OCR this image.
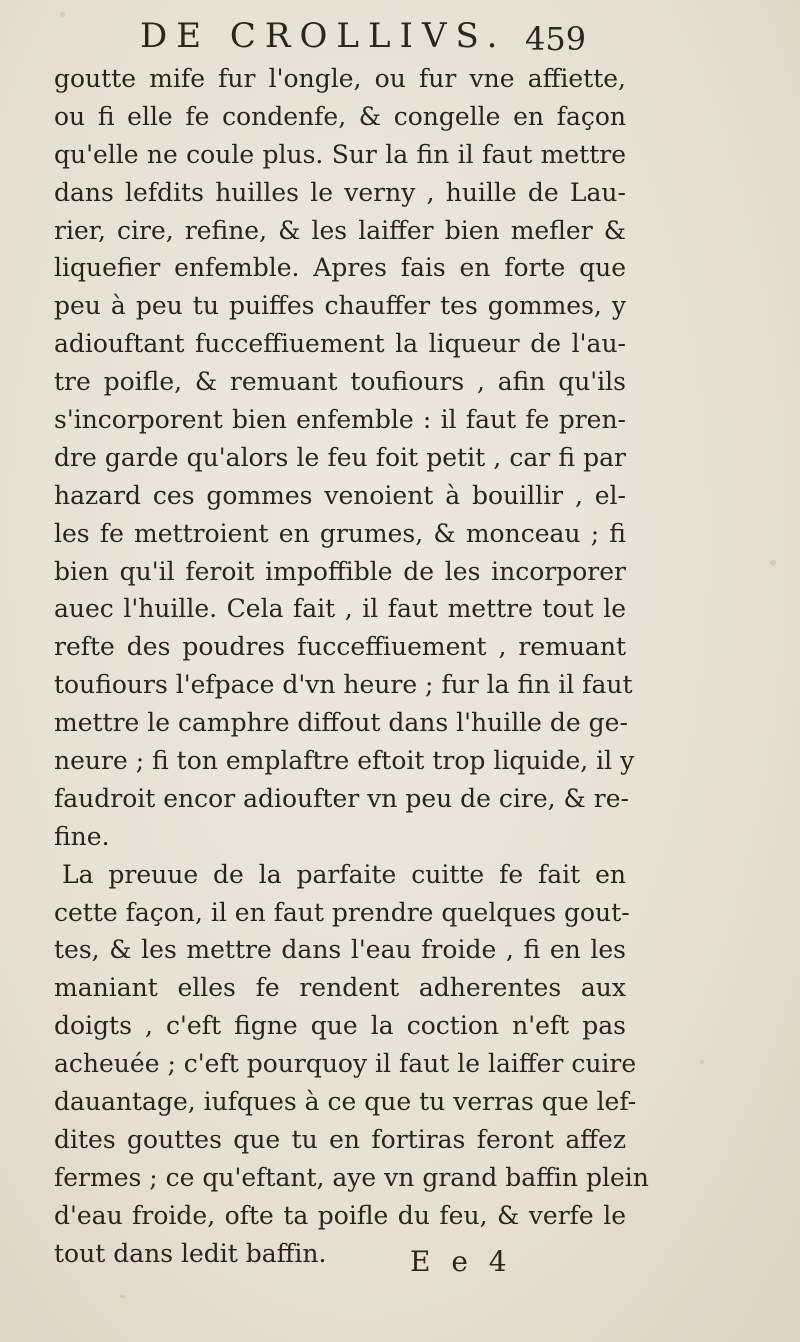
DE CROLLIVS. 459
goutte mife fur l'ongle, ou fur vne affiette,
ou fi elle fe condenfe, & congelle en façon
qu'elle ne coule plus. Sur la fin il faut mettre
dans lefdits huilles le verny , huille de Lau-
rier, cire, refine, & les laiffer bien mefler &
liquefier enfemble. Apres fais en forte que
peu à peu tu puiffes chauffer tes gommes, y
adiouftant fucceffiuement la liqueur de l'au-
tre poifle, & remuant toufiours , afin qu'ils
s'incorporent bien enfemble : il faut fe pren-
dre garde qu'alors le feu foit petit , car fi par
hazard ces gommes venoient à bouillir , el-
les fe mettroient en grumes, & monceau ; fi
bien qu'il feroit impoffible de les incorporer
auec l'huille. Cela fait , il faut mettre tout le
refte des poudres fucceffiuement , remuant
toufiours l'efpace d'vn heure ; fur la fin il faut
mettre le camphre diffout dans l'huille de ge-
neure ; fi ton emplaftre eftoit trop liquide, il y
faudroit encor adioufter vn peu de cire, & re-
fine.
La preuue de la parfaite cuitte fe fait en
cette façon, il en faut prendre quelques gout-
tes, & les mettre dans l'eau froide , fi en les
maniant elles fe rendent adherentes aux
doigts , c'eft figne que la coction n'eft pas
acheuée ; c'eft pourquoy il faut le laiffer cuire
dauantage, iufques à ce que tu verras que lef-
dites gouttes que tu en fortiras feront affez
fermes ; ce qu'eftant, aye vn grand baffin plein
d'eau froide, ofte ta poifle du feu, & verfe le
tout dans ledit baffin.	E e 4
